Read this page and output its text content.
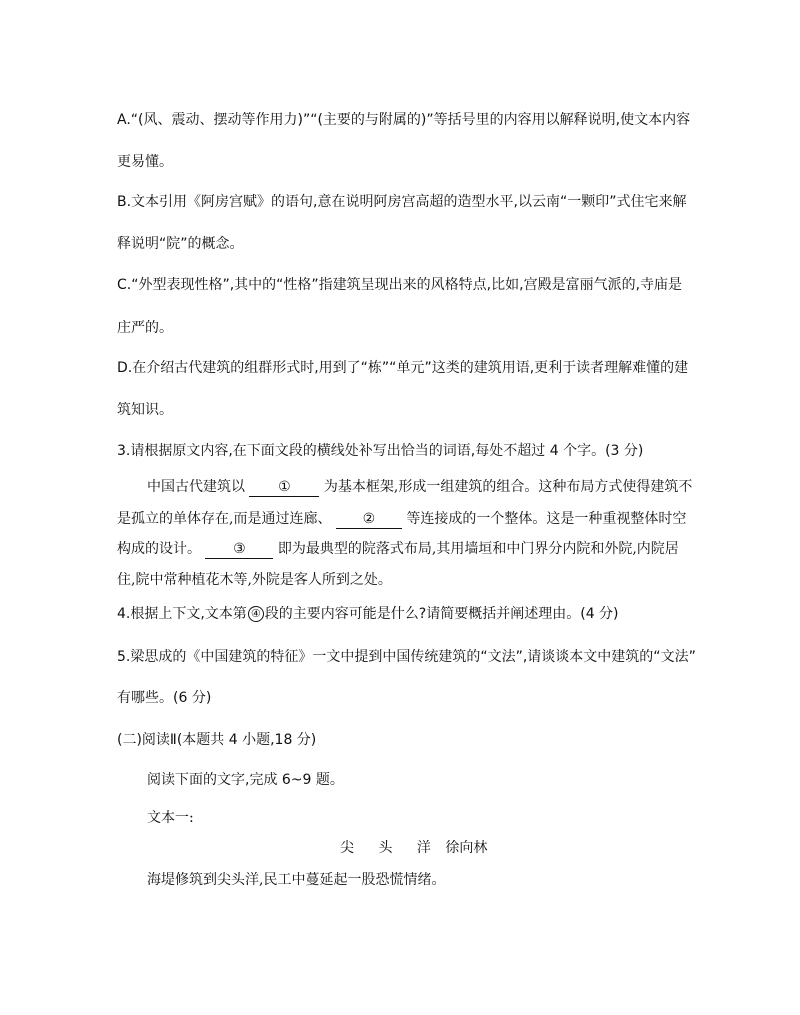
A.“(风、震动、摆动等作用力)”“(主要的与附属的)”等括号里的内容用以解释说明,使文本内容
更易懂。
B.文本引用《阿房宫赋》的语句,意在说明阿房宫高超的造型水平,以云南“一颗印”式住宅来解
释说明“院”的概念。
C.“外型表现性格”,其中的“性格”指建筑呈现出来的风格特点,比如,宫殿是富丽气派的,寺庙是
庄严的。
D.在介绍古代建筑的组群形式时,用到了“栋”“单元”这类的建筑用语,更利于读者理解难懂的建
筑知识。
3.请根据原文内容,在下面文段的横线处补写出恰当的词语,每处不超过 4 个字。(3 分)
中国古代建筑以 ① 为基本框架,形成一组建筑的组合。这种布局方式使得建筑不
是孤立的单体存在,而是通过连廊、 ② 等连接成的一个整体。这是一种重视整体时空
构成的设计。 ③ 即为最典型的院落式布局,其用墙垣和中门界分内院和外院,内院居
住,院中常种植花木等,外院是客人所到之处。
4.根据上下文,文本第 ④ 段的主要内容可能是什么?请简要概括并阐述理由。(4 分)
5.梁思成的《中国建筑的特征》一文中提到中国传统建筑的“文法”,请谈谈本文中建筑的“文法”
有哪些。(6 分)
(二)阅读Ⅱ(本题共 4 小题,18 分)
阅读下面的文字,完成 6~9 题。
文本一:
尖 头 洋 徐向林
海堤修筑到尖头洋,民工中蔓延起一股恐慌情绪。
